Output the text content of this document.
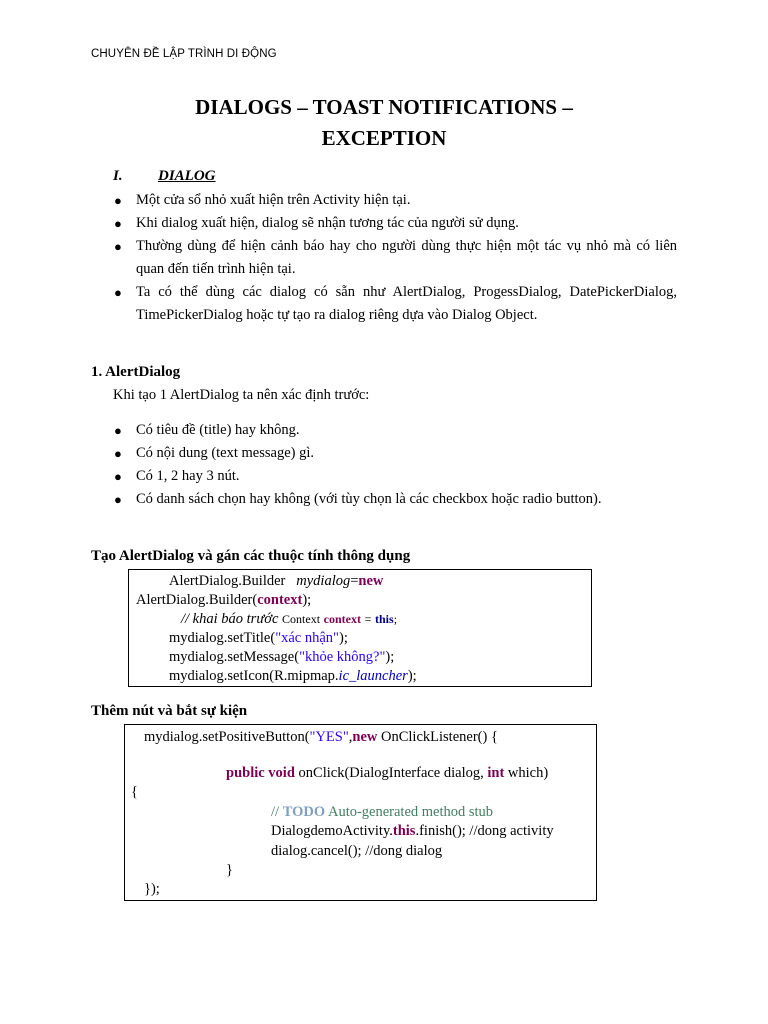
CHUYÊN ĐỀ LẬP TRÌNH DI ĐỘNG
DIALOGS – TOAST NOTIFICATIONS –
EXCEPTION
I. DIALOG
● Một cửa sổ nhỏ xuất hiện trên Activity hiện tại.
● Khi dialog xuất hiện, dialog sẽ nhận tương tác của người sử dụng.
● Thường dùng để hiện cảnh báo hay cho người dùng thực hiện một tác vụ nhỏ mà có liên quan đến tiến trình hiện tại.
● Ta có thể dùng các dialog có sẵn như AlertDialog, ProgessDialog, DatePickerDialog, TimePickerDialog hoặc tự tạo ra dialog riêng dựa vào Dialog Object.
1. AlertDialog
Khi tạo 1 AlertDialog ta nên xác định trước:
● Có tiêu đề (title) hay không.
● Có nội dung (text message) gì.
● Có 1, 2 hay 3 nút.
● Có danh sách chọn hay không (với tùy chọn là các checkbox hoặc radio button).
Tạo AlertDialog và gán các thuộc tính thông dụng
AlertDialog.Builder mydialog=new
AlertDialog.Builder(context);
// khai báo trước Context context = this;
mydialog.setTitle("xác nhận");
mydialog.setMessage("khỏe không?");
mydialog.setIcon(R.mipmap.ic_launcher);
Thêm nút và bắt sự kiện
mydialog.setPositiveButton("YES",new OnClickListener() {
public void onClick(DialogInterface dialog, int which)
{
// TODO Auto-generated method stub
DialogdemoActivity.this.finish(); //dong activity
dialog.cancel(); //dong dialog
}
});
